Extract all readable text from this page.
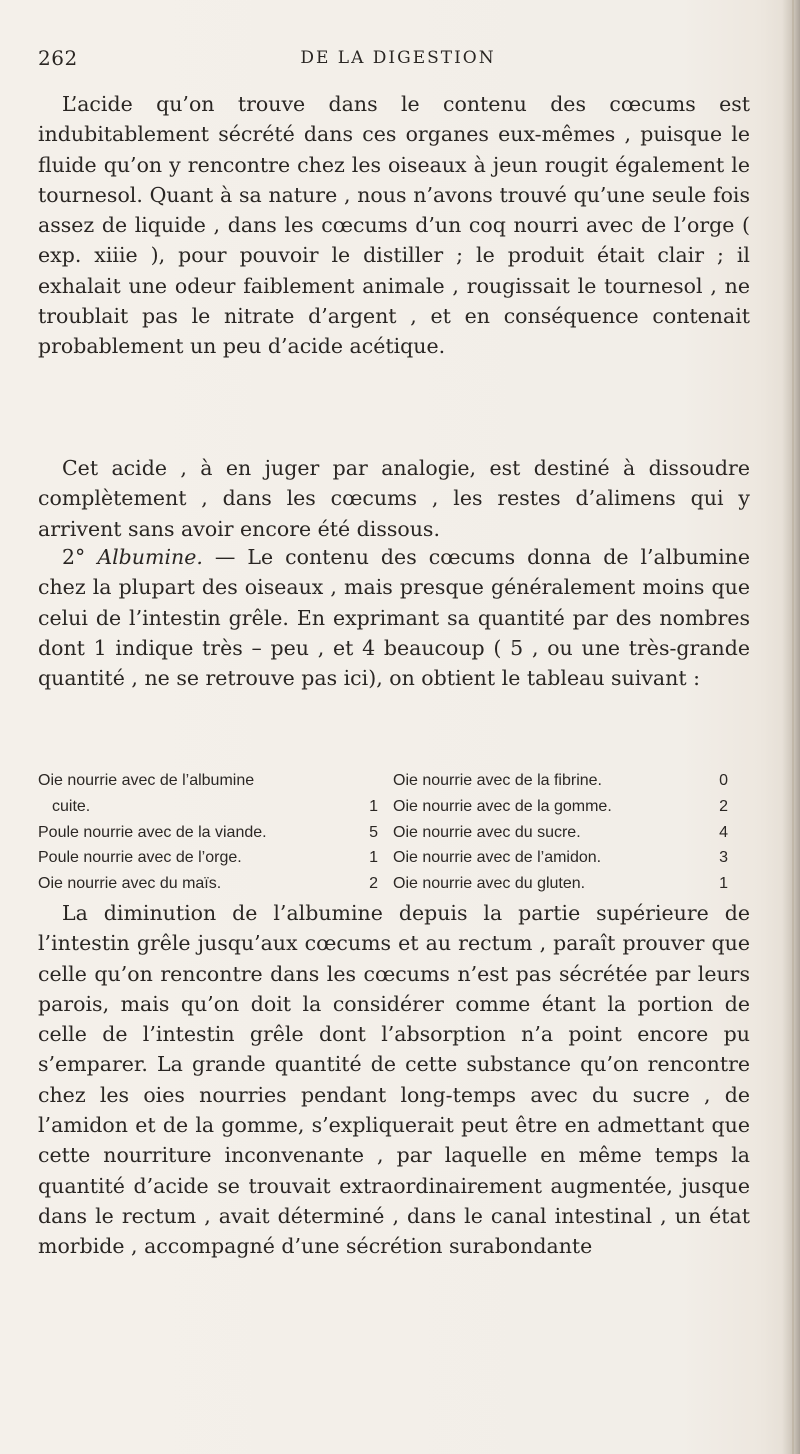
262	DE LA DIGESTION

L’acide qu’on trouve dans le contenu des cœcums est indubitablement sécrété dans ces organes eux-mêmes , puisque le fluide qu’on y rencontre chez les oiseaux à jeun rougit également le tournesol. Quant à sa nature , nous n’avons trouvé qu’une seule fois assez de liquide , dans les cœcums d’un coq nourri avec de l’orge ( exp. xiiie ), pour pouvoir le distiller ; le produit était clair ; il exhalait une odeur faiblement animale , rougissait le tournesol , ne troublait pas le nitrate d’argent , et en conséquence contenait probablement un peu d’acide acétique.

Cet acide , à en juger par analogie, est destiné à dissoudre complètement , dans les cœcums , les restes d’alimens qui y arrivent sans avoir encore été dissous.

2° Albumine. — Le contenu des cœcums donna de l’albumine chez la plupart des oiseaux , mais presque généralement moins que celui de l’intestin grêle. En exprimant sa quantité par des nombres dont 1 indique très – peu , et 4 beaucoup ( 5 , ou une très-grande quantité , ne se retrouve pas ici), on obtient le tableau suivant :

Oie nourrie avec de l’albumine
cuite.	1
Poule nourrie avec de la viande.	5
Poule nourrie avec de l’orge.	1
Oie nourrie avec du maïs.	2
Oie nourrie avec de la fibrine.	0
Oie nourrie avec de la gomme.	2
Oie nourrie avec du sucre.	4
Oie nourrie avec de l’amidon.	3
Oie nourrie avec du gluten.	1

La diminution de l’albumine depuis la partie supérieure de l’intestin grêle jusqu’aux cœcums et au rectum , paraît prouver que celle qu’on rencontre dans les cœcums n’est pas sécrétée par leurs parois, mais qu’on doit la considérer comme étant la portion de celle de l’intestin grêle dont l’absorption n’a point encore pu s’emparer. La grande quantité de cette substance qu’on rencontre chez les oies nourries pendant long-temps avec du sucre , de l’amidon et de la gomme, s’expliquerait peut être en admettant que cette nourriture inconvenante , par laquelle en même temps la quantité d’acide se trouvait extraordinairement augmentée, jusque dans le rectum , avait déterminé , dans le canal intestinal , un état morbide , accompagné d’une sécrétion surabondante
